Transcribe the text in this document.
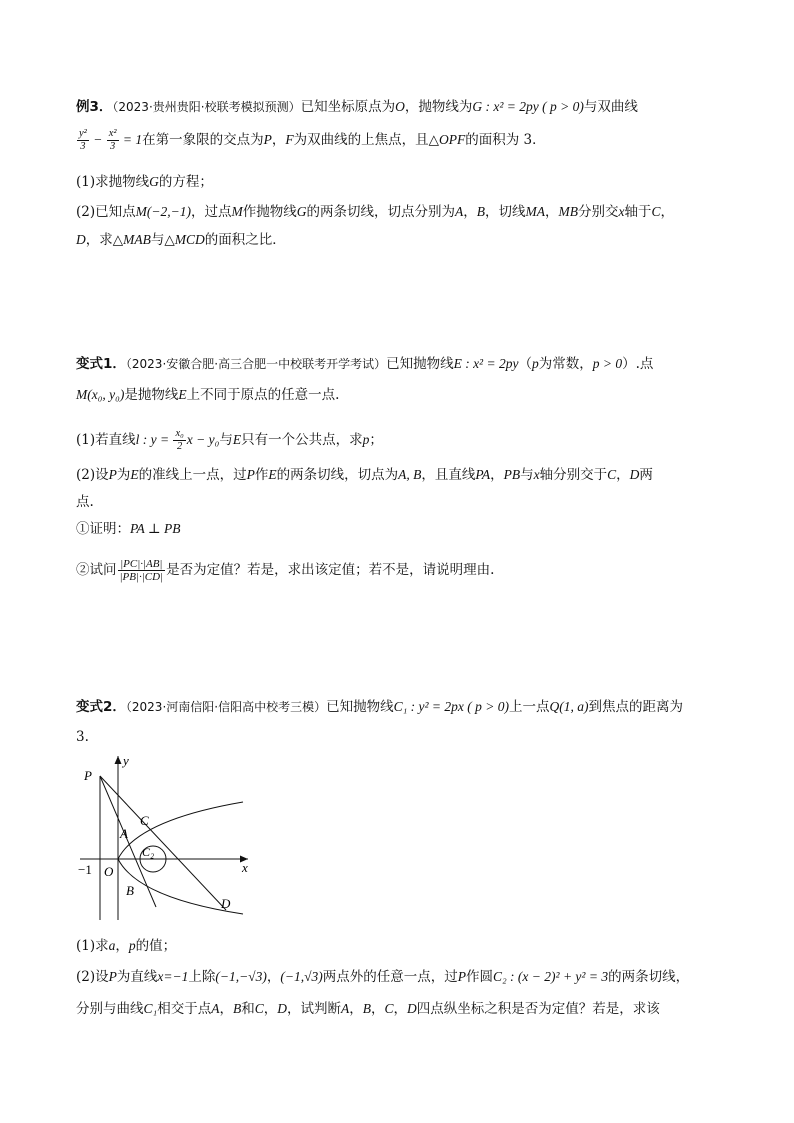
例3．（2023·贵州贵阳·校联考模拟预测）已知坐标原点为O，抛物线为G : x² = 2py ( p > 0)与双曲线
$\frac{\text{y²}}{3} - \frac{\text{x²}}{3} = 1$在第一象限的交点为P，F为双曲线的上焦点，且△OPF的面积为 3．
(1)求抛物线G的方程；
(2)已知点M(−2,−1)，过点M作抛物线G的两条切线，切点分别为A，B，切线MA，MB分别交x轴于C，
D，求△MAB与△MCD的面积之比．
变式1．（2023·安徽合肥·高三合肥一中校联考开学考试）已知抛物线E : x² = 2py（p为常数，p > 0）.点
M(x₀, y₀)是抛物线E上不同于原点的任意一点.
(1)若直线l : $y = \frac{\text{x₀}}{2}$ x − y₀与E只有一个公共点，求p；
(2)设P为E的准线上一点，过P作E的两条切线，切点为A, B，且直线PA，PB与x轴分别交于C，D两
点.
①证明：PA ⊥ PB
②试问 $\frac{|PC|\cdot|AB|}{|PB|\cdot|CD|}$ 是否为定值？若是，求出该定值；若不是，请说明理由.
变式2．（2023·河南信阳·信阳高中校考三模）已知抛物线C₁ : y² = 2px ( p > 0)上一点Q(1, a)到焦点的距离为
3.
P
y
x
O
−1
A
B
C
C₂
D
(1)求a，p的值；
(2)设P为直线x=−1上除(−1,−√3)，(−1,√3)两点外的任意一点，过P作圆C₂ : (x − 2)² + y² = 3的两条切线，
分别与曲线C₁相交于点A，B和C，D，试判断A，B，C，D四点纵坐标之积是否为定值？若是，求该
